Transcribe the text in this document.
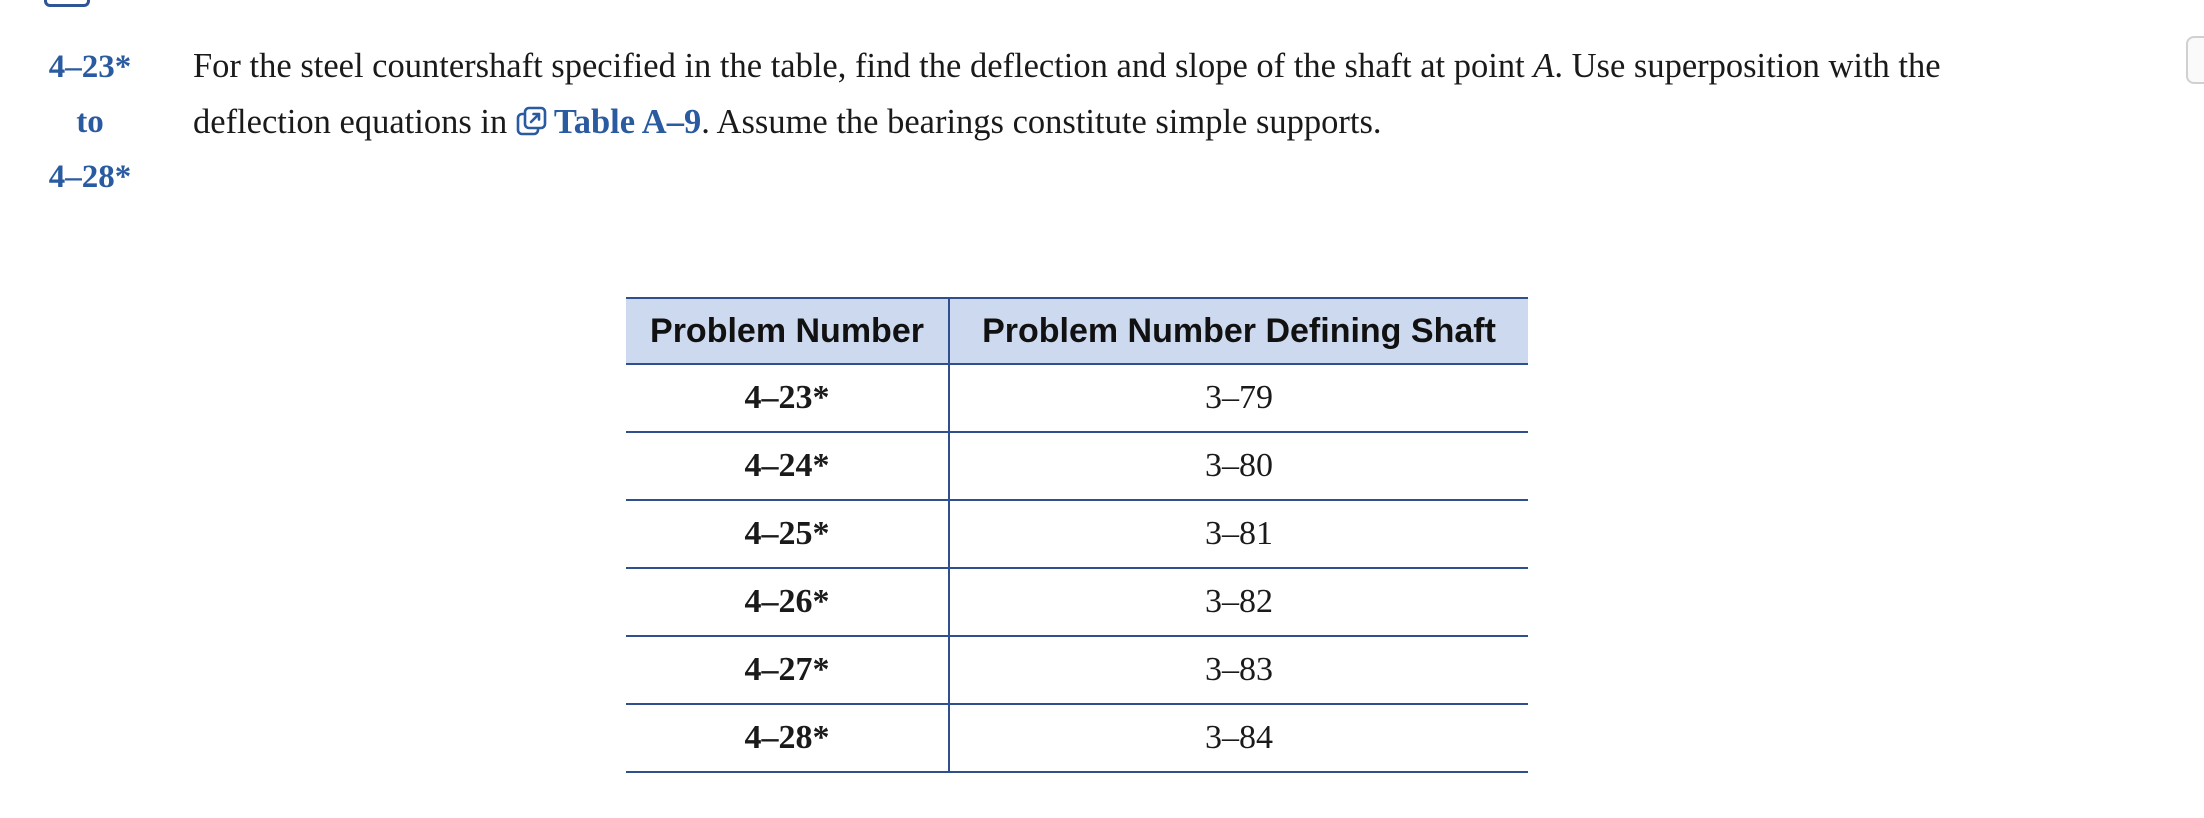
4–23*
to
4–28*
For the steel countershaft specified in the table, find the deflection and slope of the shaft at point A. Use superposition with the
deflection equations in Table A–9. Assume the bearings constitute simple supports.
Problem Number	Problem Number Defining Shaft
4–23*	3–79
4–24*	3–80
4–25*	3–81
4–26*	3–82
4–27*	3–83
4–28*	3–84
